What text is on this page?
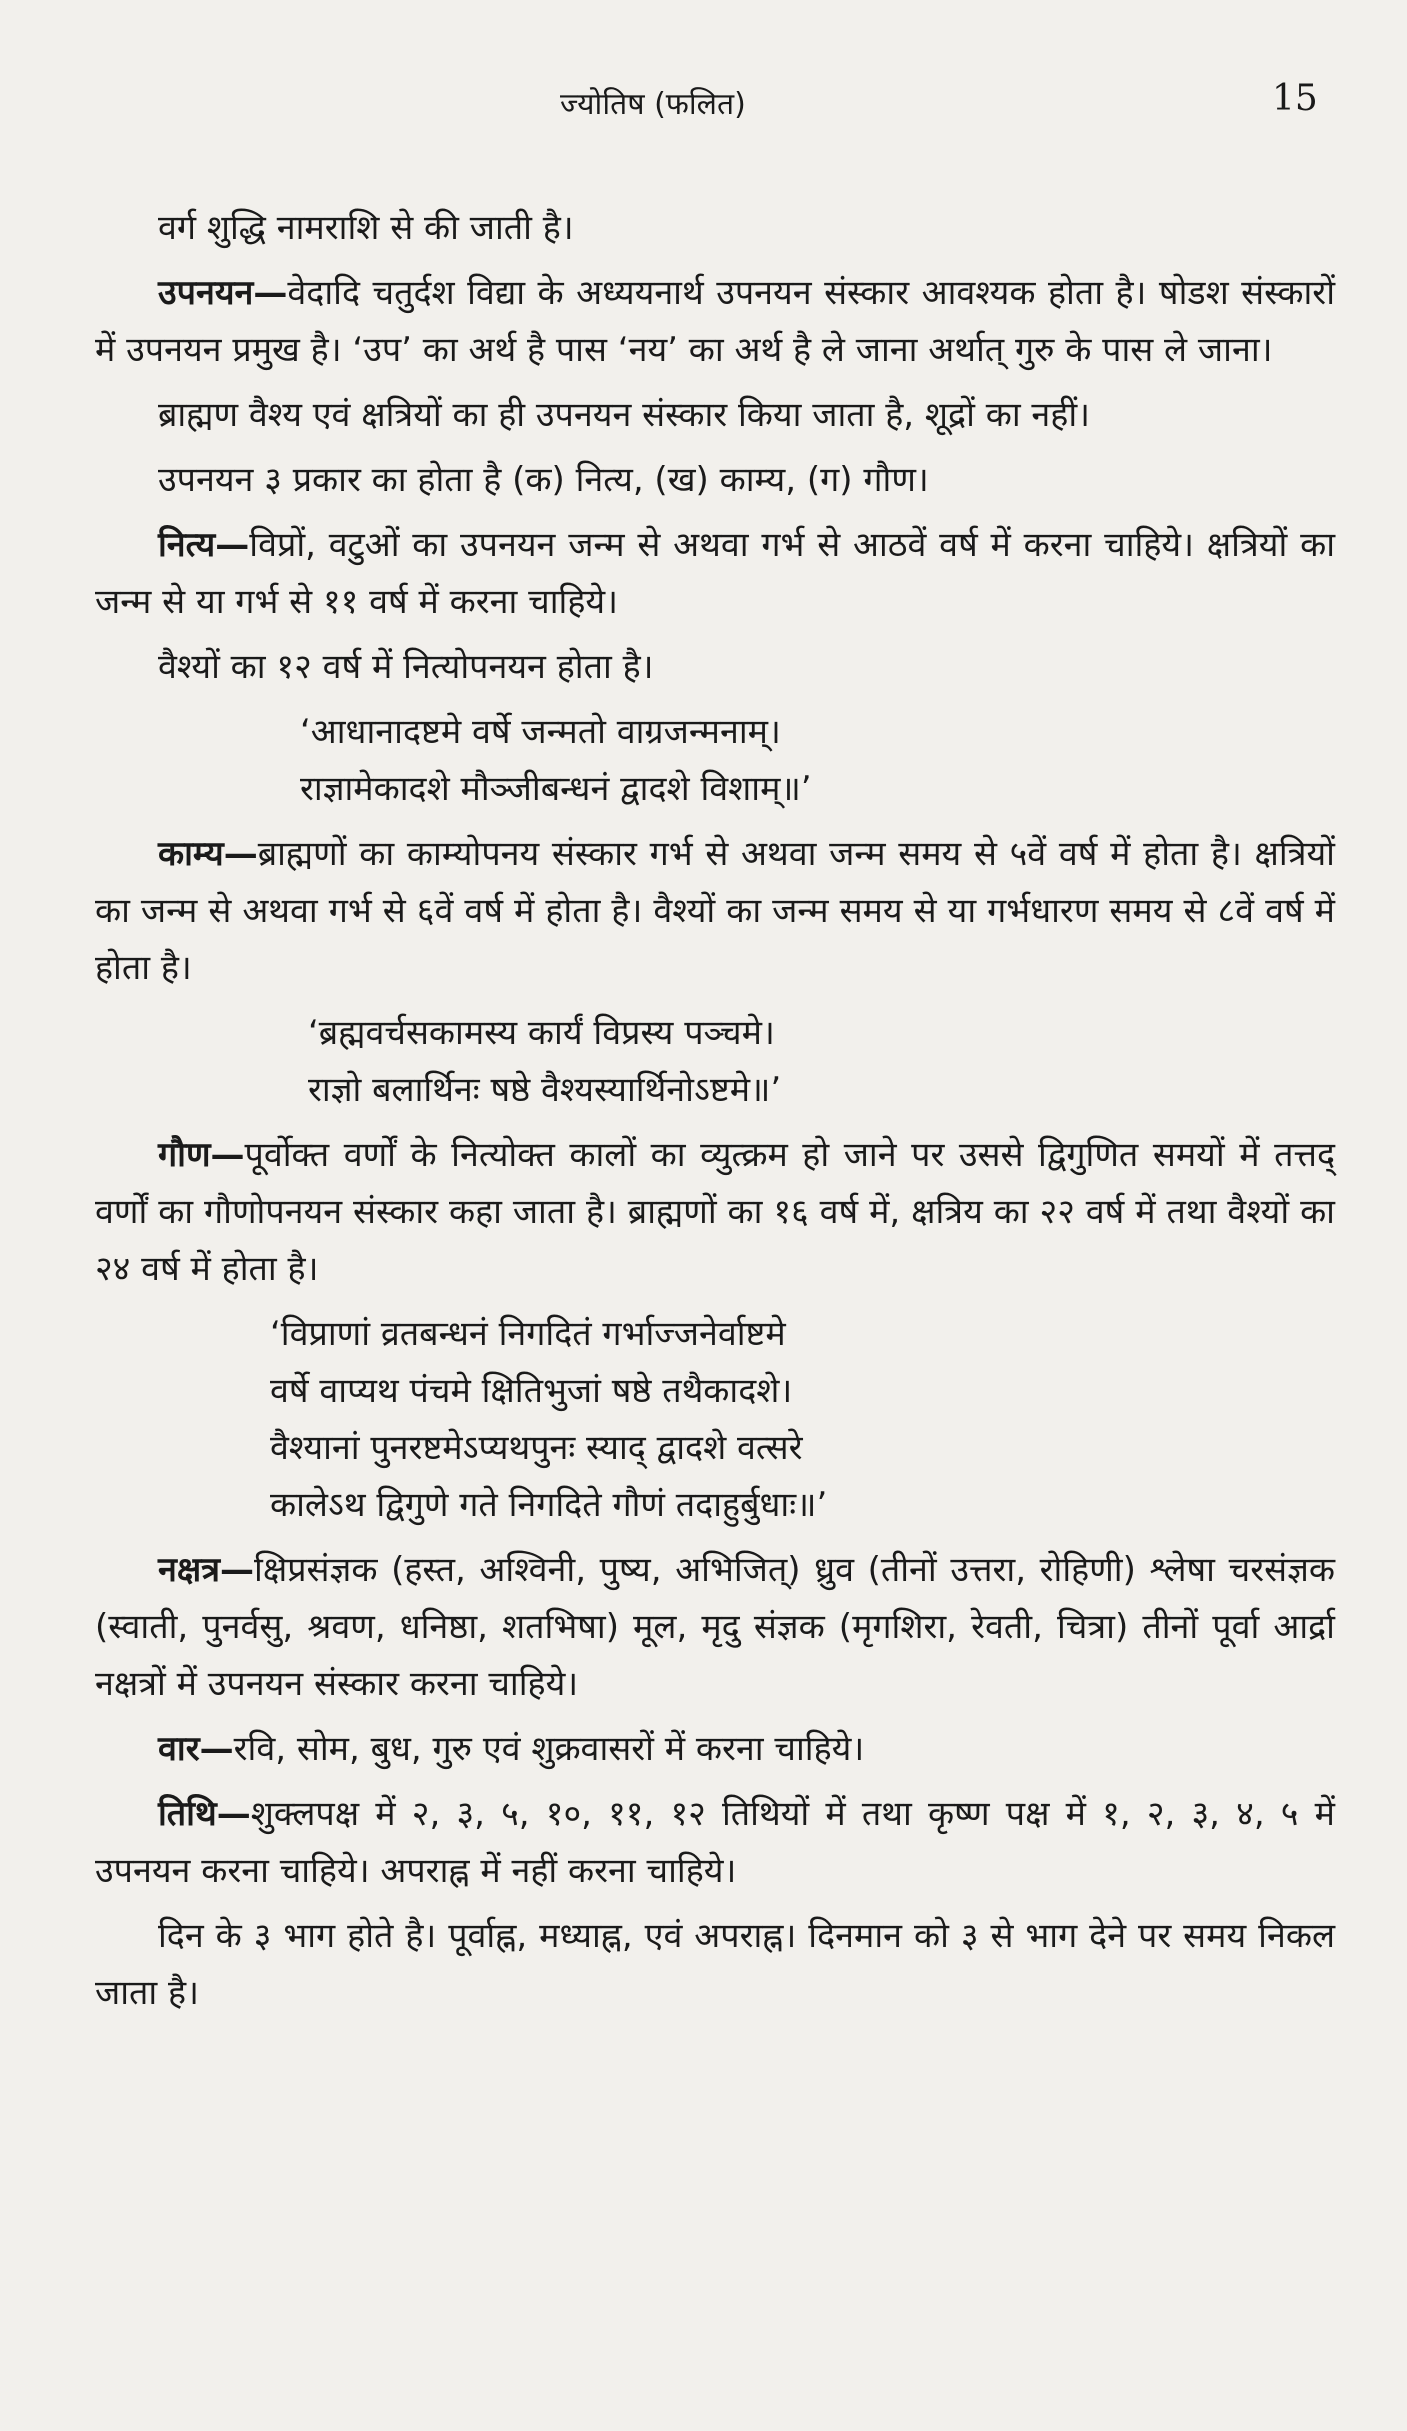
ज्योतिष (फलित)	15

वर्ग शुद्धि नामराशि से की जाती है।

उपनयन—वेदादि चतुर्दश विद्या के अध्ययनार्थ उपनयन संस्कार आवश्यक होता है। षोडश संस्कारों में उपनयन प्रमुख है। ‘उप’ का अर्थ है पास ‘नय’ का अर्थ है ले जाना अर्थात् गुरु के पास ले जाना।

ब्राह्मण वैश्य एवं क्षत्रियों का ही उपनयन संस्कार किया जाता है, शूद्रों का नहीं।

उपनयन ३ प्रकार का होता है (क) नित्य, (ख) काम्य, (ग) गौण।

नित्य—विप्रों, वटुओं का उपनयन जन्म से अथवा गर्भ से आठवें वर्ष में करना चाहिये। क्षत्रियों का जन्म से या गर्भ से ११ वर्ष में करना चाहिये।

वैश्यों का १२ वर्ष में नित्योपनयन होता है।

‘आधानादष्टमे वर्षे जन्मतो वाग्रजन्मनाम्।
राज्ञामेकादशे मौञ्जीबन्धनं द्वादशे विशाम्॥’

काम्य—ब्राह्मणों का काम्योपनय संस्कार गर्भ से अथवा जन्म समय से ५वें वर्ष में होता है। क्षत्रियों का जन्म से अथवा गर्भ से ६वें वर्ष में होता है। वैश्यों का जन्म समय से या गर्भधारण समय से ८वें वर्ष में होता है।

‘ब्रह्मवर्चसकामस्य कार्यं विप्रस्य पञ्चमे।
राज्ञो बलार्थिनः षष्ठे वैश्यस्यार्थिनोऽष्टमे॥’

गौण—पूर्वोक्त वर्णों के नित्योक्त कालों का व्युत्क्रम हो जाने पर उससे द्विगुणित समयों में तत्तद् वर्णों का गौणोपनयन संस्कार कहा जाता है। ब्राह्मणों का १६ वर्ष में, क्षत्रिय का २२ वर्ष में तथा वैश्यों का २४ वर्ष में होता है।

‘विप्राणां व्रतबन्धनं निगदितं गर्भाज्जनेर्वाष्टमे
वर्षे वाप्यथ पंचमे क्षितिभुजां षष्ठे तथैकादशे।
वैश्यानां पुनरष्टमेऽप्यथपुनः स्याद् द्वादशे वत्सरे
कालेऽथ द्विगुणे गते निगदिते गौणं तदाहुर्बुधाः॥’

नक्षत्र—क्षिप्रसंज्ञक (हस्त, अश्विनी, पुष्य, अभिजित्) ध्रुव (तीनों उत्तरा, रोहिणी) श्लेषा चरसंज्ञक (स्वाती, पुनर्वसु, श्रवण, धनिष्ठा, शतभिषा) मूल, मृदु संज्ञक (मृगशिरा, रेवती, चित्रा) तीनों पूर्वा आर्द्रा नक्षत्रों में उपनयन संस्कार करना चाहिये।

वार—रवि, सोम, बुध, गुरु एवं शुक्रवासरों में करना चाहिये।

तिथि—शुक्लपक्ष में २, ३, ५, १०, ११, १२ तिथियों में तथा कृष्ण पक्ष में १, २, ३, ४, ५ में उपनयन करना चाहिये। अपराह्न में नहीं करना चाहिये।

दिन के ३ भाग होते है। पूर्वाह्न, मध्याह्न, एवं अपराह्न। दिनमान को ३ से भाग देने पर समय निकल जाता है।
